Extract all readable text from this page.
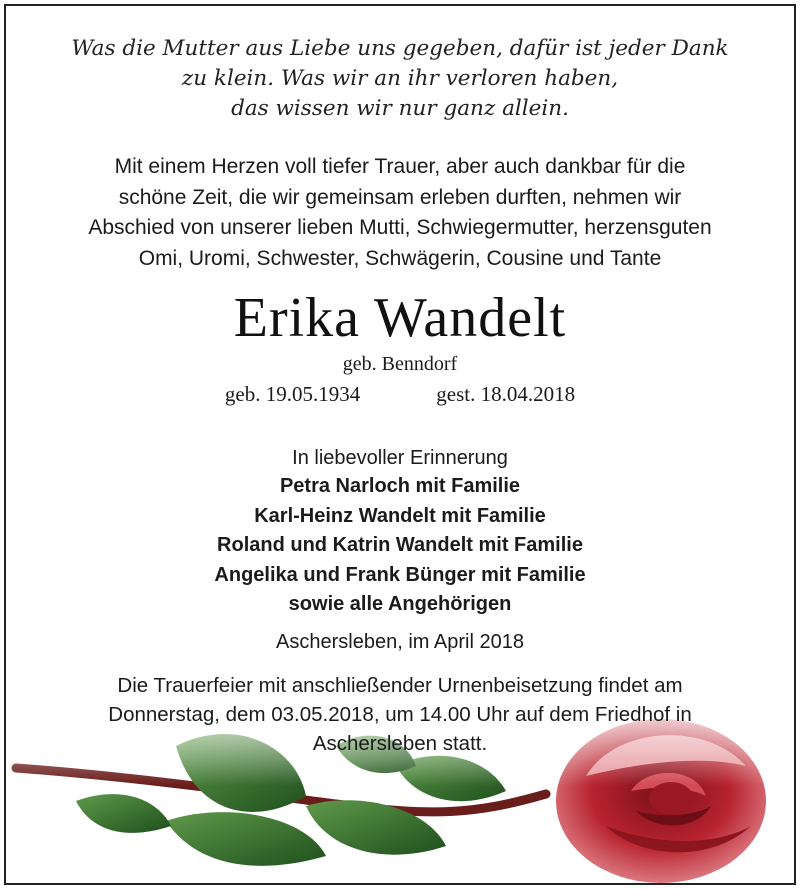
Was die Mutter aus Liebe uns gegeben, dafür ist jeder Dank
zu klein. Was wir an ihr verloren haben,
das wissen wir nur ganz allein.
Mit einem Herzen voll tiefer Trauer, aber auch dankbar für die
schöne Zeit, die wir gemeinsam erleben durften, nehmen wir
Abschied von unserer lieben Mutti, Schwiegermutter, herzensguten
Omi, Uromi, Schwester, Schwägerin, Cousine und Tante
Erika Wandelt
geb. Benndorf
geb. 19.05.1934	gest. 18.04.2018
In liebevoller Erinnerung
Petra Narloch mit Familie
Karl-Heinz Wandelt mit Familie
Roland und Katrin Wandelt mit Familie
Angelika und Frank Bünger mit Familie
sowie alle Angehörigen
Aschersleben, im April 2018
Die Trauerfeier mit anschließender Urnenbeisetzung findet am
Donnerstag, dem 03.05.2018, um 14.00 Uhr auf dem Friedhof in
Aschersleben statt.
